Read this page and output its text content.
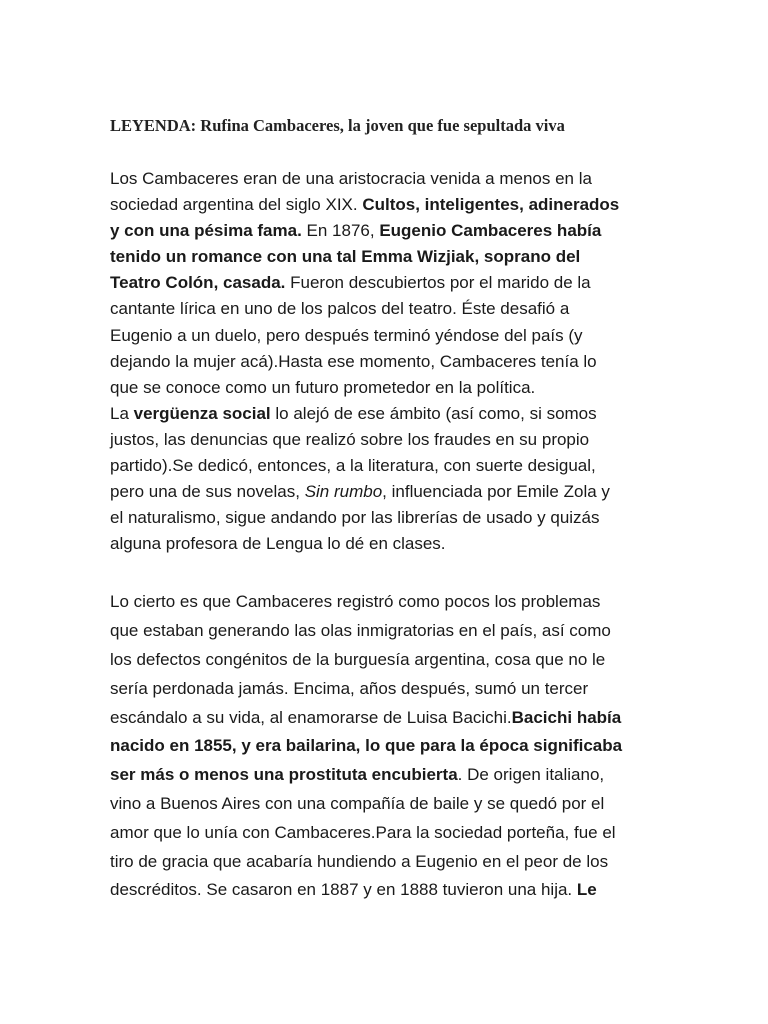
LEYENDA: Rufina Cambaceres, la joven que fue sepultada viva

Los Cambaceres eran de una aristocracia venida a menos en la
sociedad argentina del siglo XIX. Cultos, inteligentes, adinerados
y con una pésima fama. En 1876, Eugenio Cambaceres había
tenido un romance con una tal Emma Wizjiak, soprano del
Teatro Colón, casada. Fueron descubiertos por el marido de la
cantante lírica en uno de los palcos del teatro. Éste desafió a
Eugenio a un duelo, pero después terminó yéndose del país (y
dejando la mujer acá).Hasta ese momento, Cambaceres tenía lo
que se conoce como un futuro prometedor en la política.

La vergüenza social lo alejó de ese ámbito (así como, si somos
justos, las denuncias que realizó sobre los fraudes en su propio
partido).Se dedicó, entonces, a la literatura, con suerte desigual,
pero una de sus novelas, Sin rumbo, influenciada por Emile Zola y
el naturalismo, sigue andando por las librerías de usado y quizás
alguna profesora de Lengua lo dé en clases.

Lo cierto es que Cambaceres registró como pocos los problemas
que estaban generando las olas inmigratorias en el país, así como
los defectos congénitos de la burguesía argentina, cosa que no le
sería perdonada jamás. Encima, años después, sumó un tercer
escándalo a su vida, al enamorarse de Luisa Bacichi.Bacichi había
nacido en 1855, y era bailarina, lo que para la época significaba
ser más o menos una prostituta encubierta. De origen italiano,
vino a Buenos Aires con una compañía de baile y se quedó por el
amor que lo unía con Cambaceres.Para la sociedad porteña, fue el
tiro de gracia que acabaría hundiendo a Eugenio en el peor de los
descréditos. Se casaron en 1887 y en 1888 tuvieron una hija. Le
